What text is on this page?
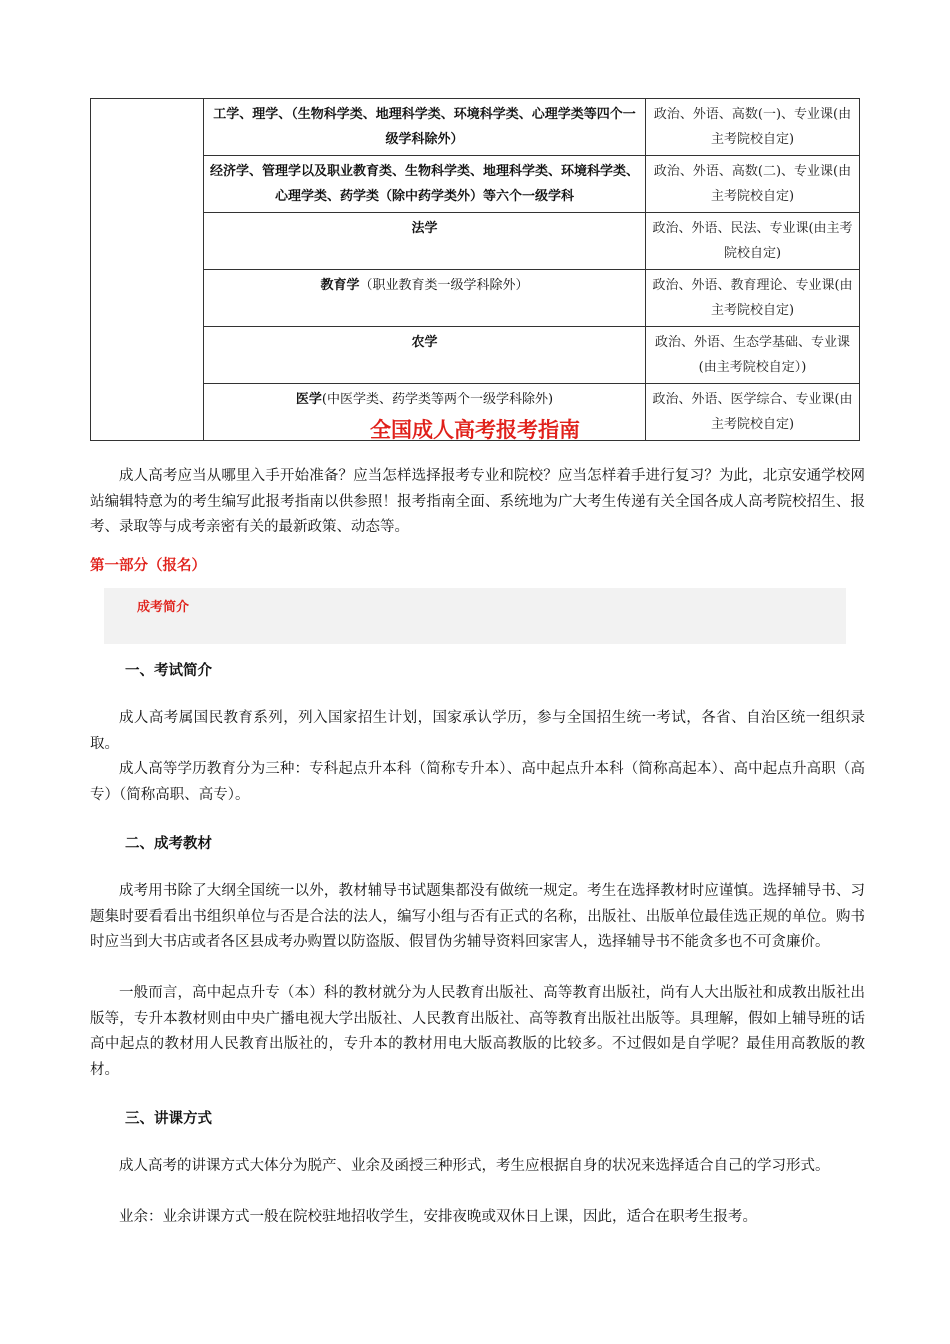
	工学、理学、（生物科学类、地理科学类、环境科学类、心理学类等四个一级学科除外）	政治、外语、高数(一)、专业课(由主考院校自定)
	经济学、管理学以及职业教育类、生物科学类、地理科学类、环境科学类、心理学类、药学类（除中药学类外）等六个一级学科	政治、外语、高数(二)、专业课(由主考院校自定)
	法学	政治、外语、民法、专业课(由主考院校自定)
	教育学（职业教育类一级学科除外）	政治、外语、教育理论、专业课(由主考院校自定)
	农学	政治、外语、生态学基础、专业课(由主考院校自定）)
	医学(中医学类、药学类等两个一级学科除外)	政治、外语、医学综合、专业课(由主考院校自定)
全国成人高考报考指南

成人高考应当从哪里入手开始准备？应当怎样选择报考专业和院校？应当怎样着手进行复习？为此，北京安通学校网站编辑特意为的考生编写此报考指南以供参照！报考指南全面、系统地为广大考生传递有关全国各成人高考院校招生、报考、录取等与成考亲密有关的最新政策、动态等。

第一部分（报名）
成考简介
一、考试简介

成人高考属国民教育系列，列入国家招生计划，国家承认学历，参与全国招生统一考试，各省、自治区统一组织录取。

成人高等学历教育分为三种：专科起点升本科（简称专升本）、高中起点升本科（简称高起本）、高中起点升高职（高专）（简称高职、高专）。

二、成考教材

成考用书除了大纲全国统一以外，教材辅导书试题集都没有做统一规定。考生在选择教材时应谨慎。选择辅导书、习题集时要看看出书组织单位与否是合法的法人，编写小组与否有正式的名称，出版社、出版单位最佳选正规的单位。购书时应当到大书店或者各区县成考办购置以防盗版、假冒伪劣辅导资料回家害人，选择辅导书不能贪多也不可贪廉价。

一般而言，高中起点升专（本）科的教材就分为人民教育出版社、高等教育出版社，尚有人大出版社和成教出版社出版等，专升本教材则由中央广播电视大学出版社、人民教育出版社、高等教育出版社出版等。具理解，假如上辅导班的话高中起点的教材用人民教育出版社的，专升本的教材用电大版高教版的比较多。不过假如是自学呢？最佳用高教版的教材。

三、讲课方式

成人高考的讲课方式大体分为脱产、业余及函授三种形式，考生应根据自身的状况来选择适合自己的学习形式。

业余：业余讲课方式一般在院校驻地招收学生，安排夜晚或双休日上课，因此，适合在职考生报考。
